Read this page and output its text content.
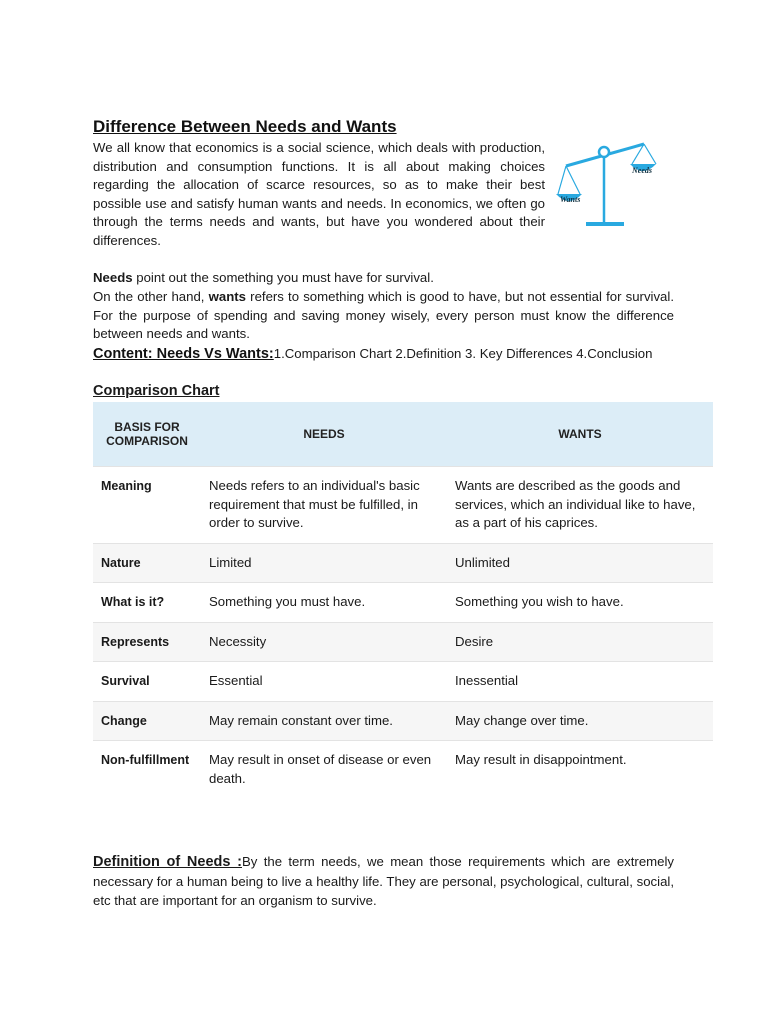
Difference Between Needs and Wants

We all know that economics is a social science, which deals with production, distribution and consumption functions. It is all about making choices regarding the allocation of scarce resources, so as to make their best possible use and satisfy human wants and needs. In economics, we often go through the terms needs and wants, but have you wondered about their differences.

Wants
Needs

Needs point out the something you must have for survival.

On the other hand, wants refers to something which is good to have, but not essential for survival. For the purpose of spending and saving money wisely, every person must know the difference between needs and wants.

Content: Needs Vs Wants:1.Comparison Chart 2.Definition 3. Key Differences 4.Conclusion

Comparison Chart

BASIS FOR COMPARISON	NEEDS	WANTS
Meaning	Needs refers to an individual's basic requirement that must be fulfilled, in order to survive.	Wants are described as the goods and services, which an individual like to have, as a part of his caprices.
Nature	Limited	Unlimited
What is it?	Something you must have.	Something you wish to have.
Represents	Necessity	Desire
Survival	Essential	Inessential
Change	May remain constant over time.	May change over time.
Non-fulfillment	May result in onset of disease or even death.	May result in disappointment.

Definition of Needs :By the term needs, we mean those requirements which are extremely necessary for a human being to live a healthy life. They are personal, psychological, cultural, social, etc that are important for an organism to survive.
